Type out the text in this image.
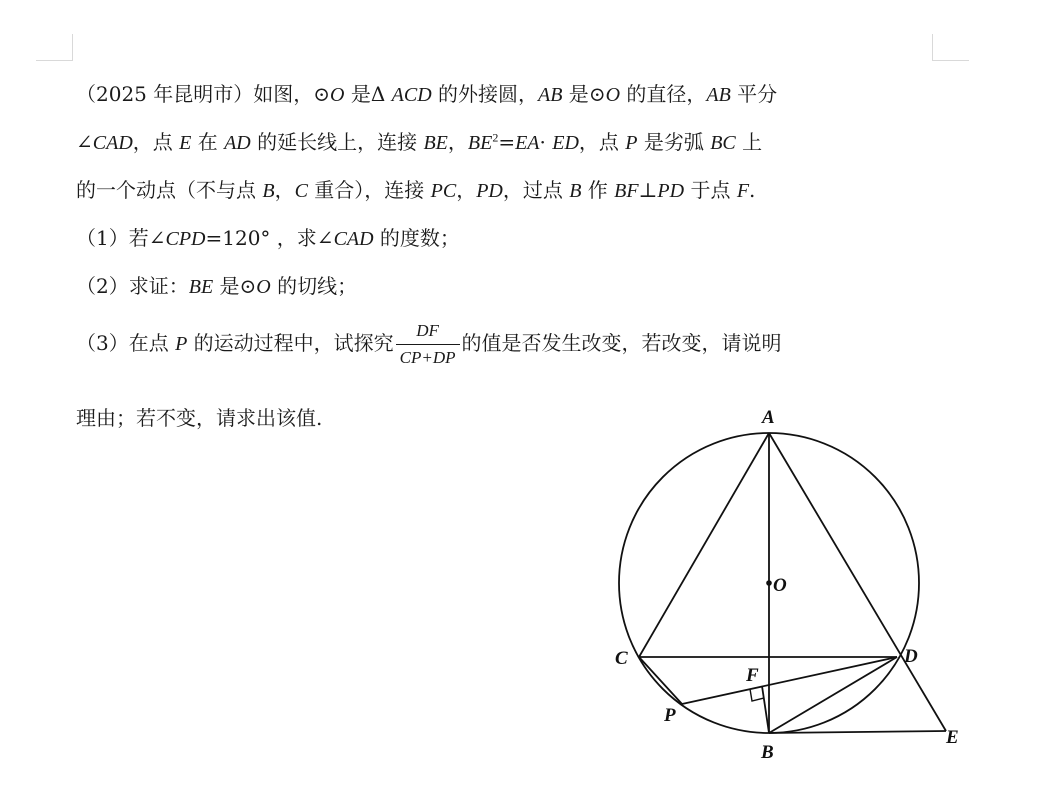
（2025 年昆明市）如图，⊙O 是Δ ACD 的外接圆，AB 是⊙O 的直径，AB 平分
∠CAD，点 E 在 AD 的延长线上，连接 BE，$BE^2=EA\cdot$ ED，点 P 是劣弧 BC 上
的一个动点（不与点 B，C 重合），连接 PC，PD，过点 B 作 BF⊥PD 于点 F.
（1）若∠CPD=120° ，求∠CAD 的度数；
（2）求证：BE 是⊙O 的切线；
（3）在点 P 的运动过程中，试探究 $\frac{DF}{CP+DP}$ 的值是否发生改变，若改变，请说明
理由；若不变，请求出该值.	A
O
C	D
F
P
B
E
